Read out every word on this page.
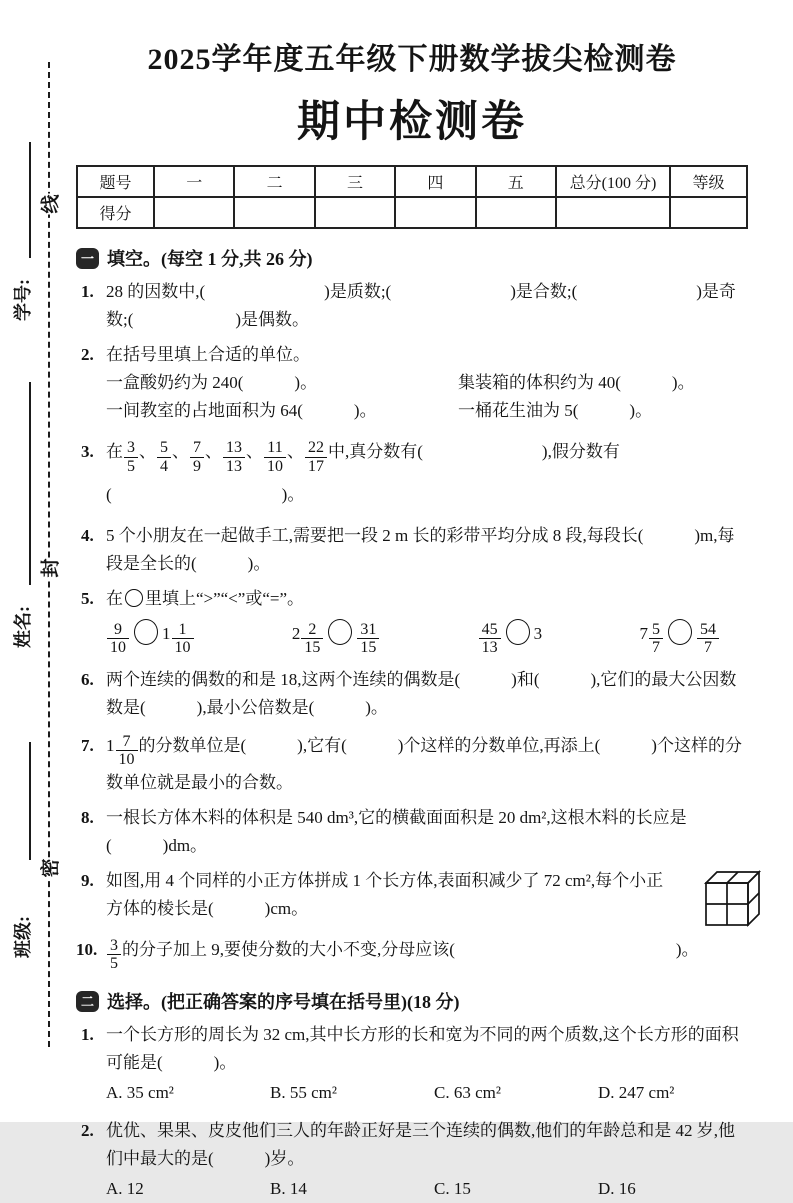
线
封
密
学号:
姓名:
班级:
2025学年度五年级下册数学拔尖检测卷
期中检测卷
题号	一	二	三	四	五	总分(100 分)	等级
得分							
一 填空。(每空 1 分,共 26 分)
1. 28 的因数中,(　　　　　　　)是质数;(　　　　　　　)是合数;(　　　　　　　)是奇数;(　　　　　　)是偶数。
2. 在括号里填上合适的单位。
一盒酸奶约为 240(　　　)。	集装箱的体积约为 40(　　　)。
一间教室的占地面积为 64(　　　)。	一桶花生油为 5(　　　)。
3. 在 $\frac{3}{5}$ 、 $\frac{5}{4}$ 、 $\frac{7}{9}$ 、 $\frac{13}{13}$ 、 $\frac{11}{10}$ 、 $\frac{22}{17}$ 中,真分数有(　　　　　　　),假分数有(　　　　　　　　　　)。
4. 5 个小朋友在一起做手工,需要把一段 2 m 长的彩带平均分成 8 段,每段长(　　　)m,每段是全长的(　　　)。
5. 在 里填上“>”“<”或“=”。
$\frac{9}{10} 1 \frac{1}{10}$	$2 \frac{2}{15} \frac{31}{15}$	$\frac{45}{13} 3$	$7 \frac{5}{7} \frac{54}{7}$
6. 两个连续的偶数的和是 18,这两个连续的偶数是(　　　)和(　　　),它们的最大公因数数是(　　　),最小公倍数是(　　　)。
7. $1 \frac{7}{10}$ 的分数单位是(　　　),它有(　　　)个这样的分数单位,再添上(　　　)个这样的分数单位就是最小的合数。
8. 一根长方体木料的体积是 540 dm³,它的横截面面积是 20 dm²,这根木料的长应是(　　　)dm。
9. 如图,用 4 个同样的小正方体拼成 1 个长方体,表面积减少了 72 cm²,每个小正方体的棱长是(　　　)cm。
10. $\frac{3}{5}$ 的分子加上 9,要使分数的大小不变,分母应该(　　　　　　　　　　　　　)。
二 选择。(把正确答案的序号填在括号里)(18 分)
1. 一个长方形的周长为 32 cm,其中长方形的长和宽为不同的两个质数,这个长方形的面积可能是(　　　)。
A. 35 cm²	B. 55 cm²	C. 63 cm²	D. 247 cm²
2. 优优、果果、皮皮他们三人的年龄正好是三个连续的偶数,他们的年龄总和是 42 岁,他们中最大的是(　　　)岁。
A. 12	B. 14	C. 15	D. 16
